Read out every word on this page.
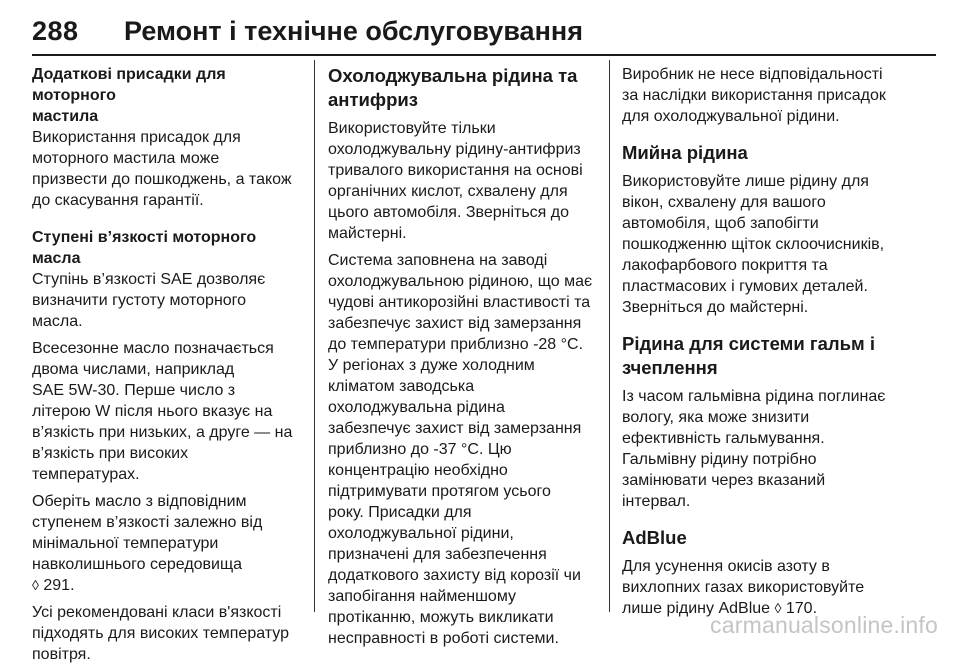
288 Ремонт і технічне обслуговування
Додаткові присадки для моторного
мастила
Використання присадок для
моторного мастила може
призвести до пошкоджень, а також
до скасування гарантії.
Ступені в’язкості моторного масла
Ступінь в’язкості SAE дозволяє
визначити густоту моторного
масла.
Всесезонне масло позначається
двома числами, наприклад
SAE 5W-30. Перше число з
літерою W після нього вказує на
в’язкість при низьких, а друге — на
в’язкість при високих
температурах.
Оберіть масло з відповідним
ступенем в’язкості залежно від
мінімальної температури
навколишнього середовища
◊ 291.
Усі рекомендовані класи в'язкості
підходять для високих температур
повітря.
Охолоджувальна рідина та
антифриз
Використовуйте тільки
охолоджувальну рідину-антифриз
тривалого використання на основі
органічних кислот, схвалену для
цього автомобіля. Зверніться до
майстерні.
Система заповнена на заводі
охолоджувальною рідиною, що має
чудові антикорозійні властивості та
забезпечує захист від замерзання
до температури приблизно -28 °C.
У регіонах з дуже холодним
кліматом заводська
охолоджувальна рідина
забезпечує захист від замерзання
приблизно до -37 °C. Цю
концентрацію необхідно
підтримувати протягом усього
року. Присадки для
охолоджувальної рідини,
призначені для забезпечення
додаткового захисту від корозії чи
запобігання найменшому
протіканню, можуть викликати
несправності в роботі системи.
Виробник не несе відповідальності
за наслідки використання присадок
для охолоджувальної рідини.
Мийна рідина
Використовуйте лише рідину для
вікон, схвалену для вашого
автомобіля, щоб запобігти
пошкодженню щіток склоочисників,
лакофарбового покриття та
пластмасових і гумових деталей.
Зверніться до майстерні.
Рідина для системи гальм і
зчеплення
Із часом гальмівна рідина поглинає
вологу, яка може знизити
ефективність гальмування.
Гальмівну рідину потрібно
замінювати через вказаний
інтервал.
AdBlue
Для усунення окисів азоту в
вихлопних газах використовуйте
лише рідину AdBlue ◊ 170.
carmanualsonline.info
